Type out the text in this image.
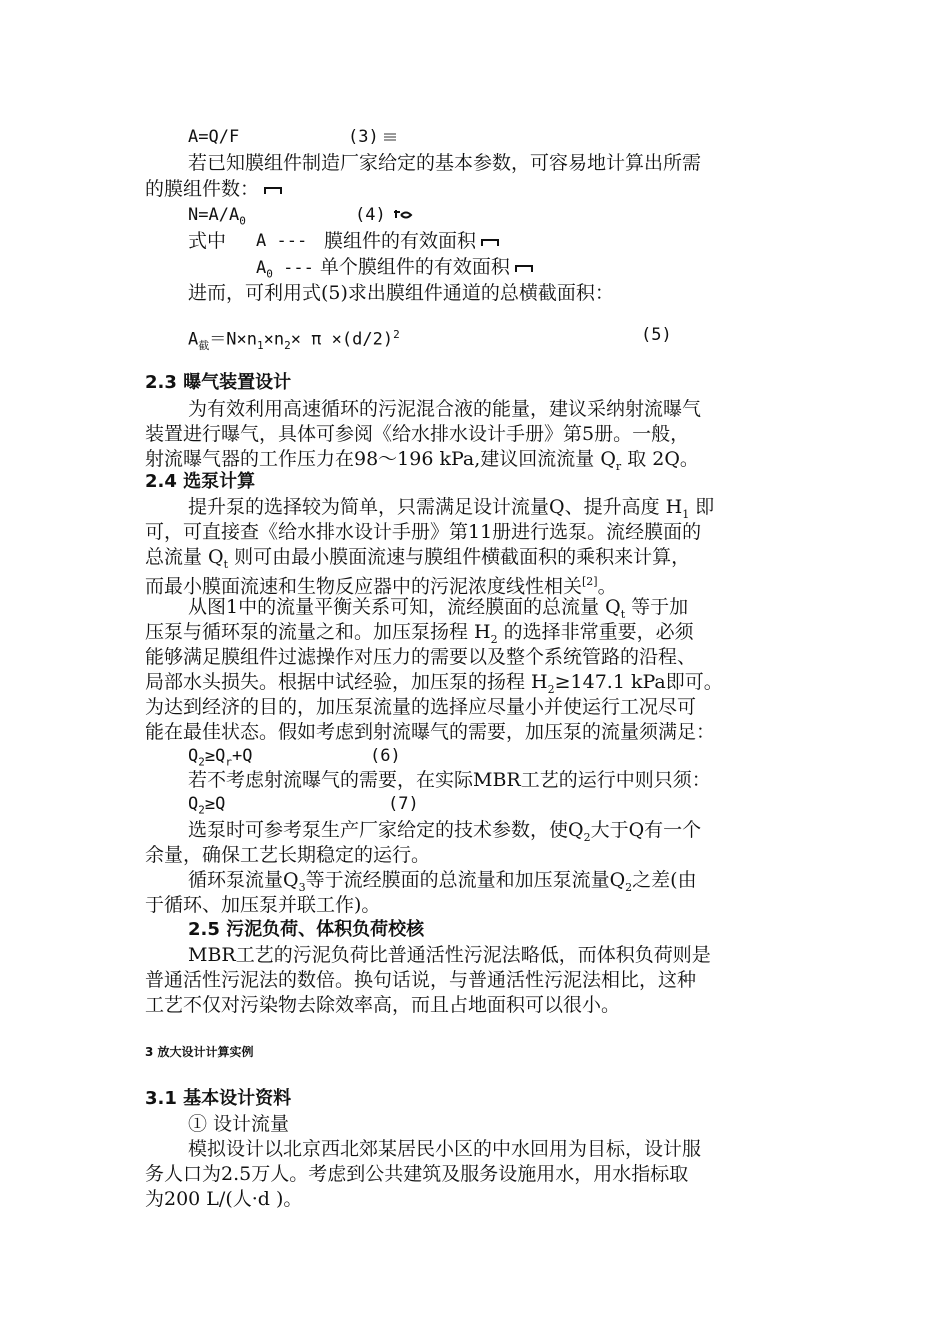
A=Q/F	(3)
若已知膜组件制造厂家给定的基本参数，可容易地计算出所需
的膜组件数：
$N=A/A_0$	(4)
式中 A --- 膜组件的有效面积
$A_0$ --- 单个膜组件的有效面积
进而，可利用式(5)求出膜组件通道的总横截面积：
$A_截=N\times n_1\times n_2\times \pi \times(d/2)^2$	(5)
2.3 曝气装置设计
为有效利用高速循环的污泥混合液的能量，建议采纳射流曝气
装置进行曝气，具体可参阅《给水排水设计手册》第5册。一般，
射流曝气器的工作压力在98～196 kPa,建议回流流量 $Q_r$ 取 2Q。
2.4 选泵计算
提升泵的选择较为简单，只需满足设计流量Q、提升高度 $H_1$ 即
可，可直接查《给水排水设计手册》第11册进行选泵。流经膜面的
总流量 $Q_t$ 则可由最小膜面流速与膜组件横截面积的乘积来计算，
而最小膜面流速和生物反应器中的污泥浓度线性相关[2]。
从图1中的流量平衡关系可知，流经膜面的总流量 $Q_t$ 等于加
压泵与循环泵的流量之和。加压泵扬程 $H_2$ 的选择非常重要，必须
能够满足膜组件过滤操作对压力的需要以及整个系统管路的沿程、
局部水头损失。根据中试经验，加压泵的扬程 $H_2\ge 147.1$ kPa即可。
为达到经济的目的，加压泵流量的选择应尽量小并使运行工况尽可
能在最佳状态。假如考虑到射流曝气的需要，加压泵的流量须满足：
$Q_2\ge Q_r+Q$	(6)
若不考虑射流曝气的需要，在实际MBR工艺的运行中则只须：
$Q_2\ge Q$	(7)
选泵时可参考泵生产厂家给定的技术参数，使$Q_2$大于Q有一个
余量，确保工艺长期稳定的运行。
循环泵流量$Q_3$等于流经膜面的总流量和加压泵流量$Q_2$之差(由
于循环、加压泵并联工作)。
2.5 污泥负荷、体积负荷校核
MBR工艺的污泥负荷比普通活性污泥法略低，而体积负荷则是
普通活性污泥法的数倍。换句话说，与普通活性污泥法相比，这种
工艺不仅对污染物去除效率高，而且占地面积可以很小。
3 放大设计计算实例
3.1 基本设计资料
① 设计流量
模拟设计以北京西北郊某居民小区的中水回用为目标，设计服
务人口为2.5万人。考虑到公共建筑及服务设施用水，用水指标取
为200 L/(人·d )。
